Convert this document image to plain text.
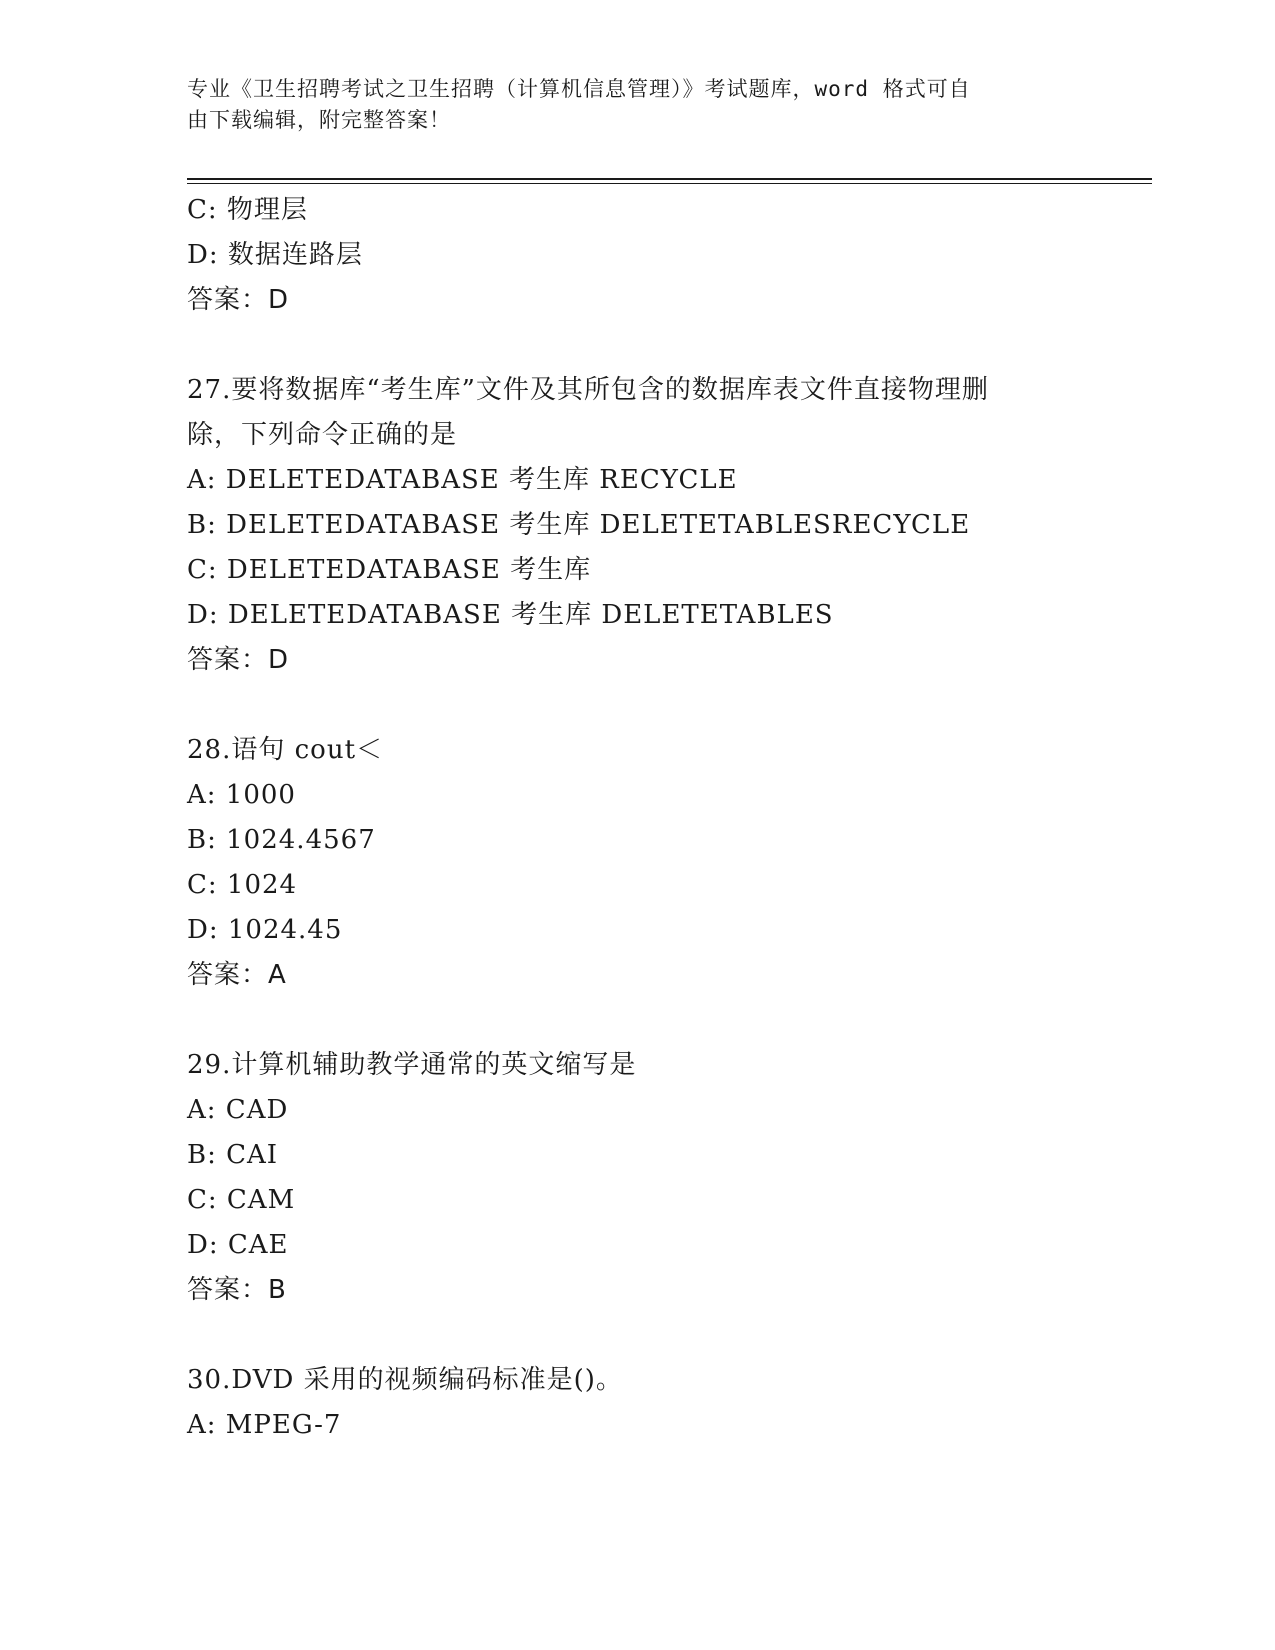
专业《卫生招聘考试之卫生招聘（计算机信息管理）》考试题库，word 格式可自
由下载编辑，附完整答案！
C: 物理层
D: 数据连路层
答案：D
27.要将数据库“考生库”文件及其所包含的数据库表文件直接物理删
除，下列命令正确的是
A: DELETEDATABASE 考生库 RECYCLE
B: DELETEDATABASE 考生库 DELETETABLESRECYCLE
C: DELETEDATABASE 考生库
D: DELETEDATABASE 考生库 DELETETABLES
答案：D
28.语句 cout＜
A: 1000
B: 1024.4567
C: 1024
D: 1024.45
答案：A
29.计算机辅助教学通常的英文缩写是
A: CAD
B: CAI
C: CAM
D: CAE
答案：B
30.DVD 采用的视频编码标准是()。
A: MPEG-7
